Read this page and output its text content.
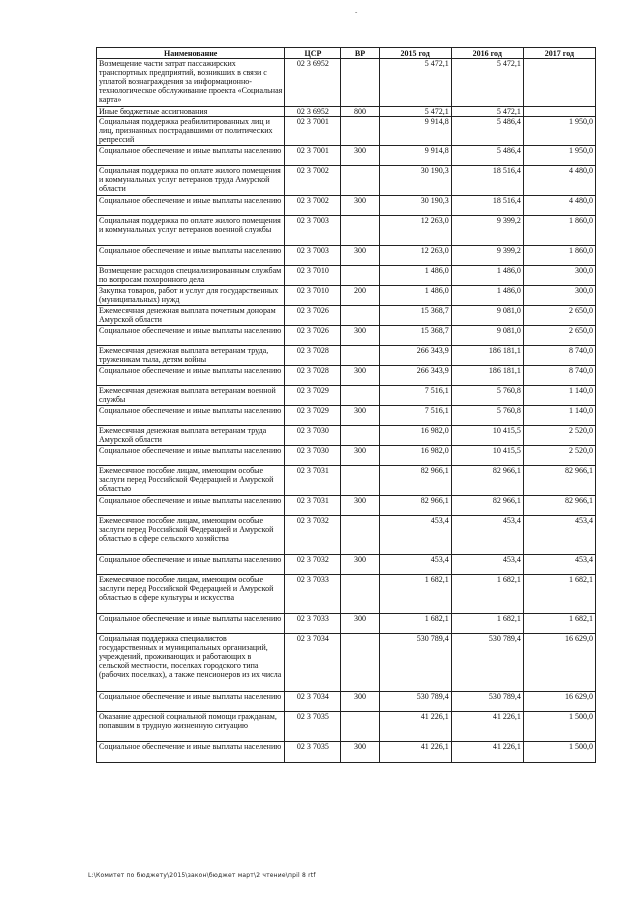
-
Наименование	ЦСР	ВР	2015 год	2016 год	2017 год
Возмещение части затрат пассажирских транспортных предприятий, возникших в связи с уплатой вознаграждения за информационно-технологическое обслуживание проекта «Социальная карта»	02 3 6952		5 472,1	5 472,1	
Иные бюджетные ассигнования	02 3 6952	800	5 472,1	5 472,1	
Социальная поддержка реабилитированных лиц и лиц, признанных пострадавшими от политических репрессий	02 3 7001		9 914,8	5 486,4	1 950,0
Социальное обеспечение и иные выплаты населению	02 3 7001	300	9 914,8	5 486,4	1 950,0
Социальная поддержка по оплате жилого помещения и коммунальных услуг ветеранов труда Амурской области	02 3 7002		30 190,3	18 516,4	4 480,0
Социальное обеспечение и иные выплаты населению	02 3 7002	300	30 190,3	18 516,4	4 480,0
Социальная поддержка по оплате жилого помещения и коммунальных услуг ветеранов военной службы	02 3 7003		12 263,0	9 399,2	1 860,0
Социальное обеспечение и иные выплаты населению	02 3 7003	300	12 263,0	9 399,2	1 860,0
Возмещение расходов специализированным службам по вопросам похоронного дела	02 3 7010		1 486,0	1 486,0	300,0
Закупка товаров, работ и услуг для государственных (муниципальных) нужд	02 3 7010	200	1 486,0	1 486,0	300,0
Ежемесячная денежная выплата почетным донорам Амурской области	02 3 7026		15 368,7	9 081,0	2 650,0
Социальное обеспечение и иные выплаты населению	02 3 7026	300	15 368,7	9 081,0	2 650,0
Ежемесячная денежная выплата ветеранам труда, труженикам тыла, детям войны	02 3 7028		266 343,9	186 181,1	8 740,0
Социальное обеспечение и иные выплаты населению	02 3 7028	300	266 343,9	186 181,1	8 740,0
Ежемесячная денежная выплата ветеранам военной службы	02 3 7029		7 516,1	5 760,8	1 140,0
Социальное обеспечение и иные выплаты населению	02 3 7029	300	7 516,1	5 760,8	1 140,0
Ежемесячная денежная выплата ветеранам труда Амурской области	02 3 7030		16 982,0	10 415,5	2 520,0
Социальное обеспечение и иные выплаты населению	02 3 7030	300	16 982,0	10 415,5	2 520,0
Ежемесячное пособие лицам, имеющим особые заслуги перед Российской Федерацией и Амурской областью	02 3 7031		82 966,1	82 966,1	82 966,1
Социальное обеспечение и иные выплаты населению	02 3 7031	300	82 966,1	82 966,1	82 966,1
Ежемесячное пособие лицам, имеющим особые заслуги перед Российской Федерацией и Амурской областью в сфере сельского хозяйства	02 3 7032		453,4	453,4	453,4
Социальное обеспечение и иные выплаты населению	02 3 7032	300	453,4	453,4	453,4
Ежемесячное пособие лицам, имеющим особые заслуги перед Российской Федерацией и Амурской областью в сфере культуры и искусства	02 3 7033		1 682,1	1 682,1	1 682,1
Социальное обеспечение и иные выплаты населению	02 3 7033	300	1 682,1	1 682,1	1 682,1
Социальная поддержка специалистов государственных и муниципальных организаций, учреждений, проживающих и работающих в сельской местности, поселках городского типа (рабочих поселках), а также пенсионеров из их числа	02 3 7034		530 789,4	530 789,4	16 629,0
Социальное обеспечение и иные выплаты населению	02 3 7034	300	530 789,4	530 789,4	16 629,0
Оказание адресной социальной помощи гражданам, попавшим в трудную жизненную ситуацию	02 3 7035		41 226,1	41 226,1	1 500,0
Социальное обеспечение и иные выплаты населению	02 3 7035	300	41 226,1	41 226,1	1 500,0
L:\Комитет по бюджету\2015\закон\бюджет март\2 чтение\прil 8 rtf
